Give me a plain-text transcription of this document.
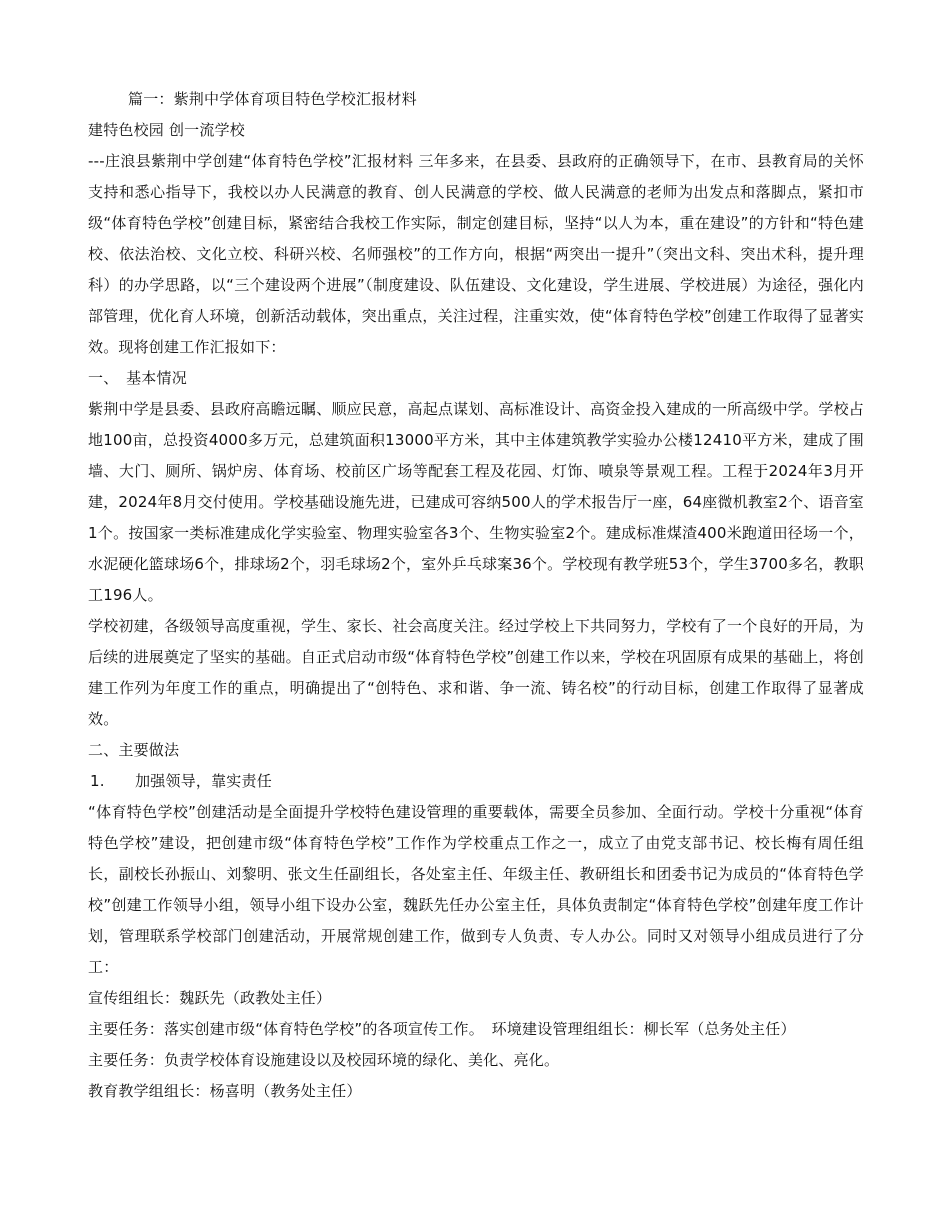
篇一：紫荆中学体育项目特色学校汇报材料

建特色校园 创一流学校

---庄浪县紫荆中学创建“体育特色学校”汇报材料 三年多来，在县委、县政府的正确领导下，在市、县教育局的关怀支持和悉心指导下，我校以办人民满意的教育、创人民满意的学校、做人民满意的老师为出发点和落脚点，紧扣市级“体育特色学校”创建目标，紧密结合我校工作实际，制定创建目标，坚持“以人为本，重在建设”的方针和“特色建校、依法治校、文化立校、科研兴校、名师强校”的工作方向，根据“两突出一提升”（突出文科、突出术科，提升理科）的办学思路，以“三个建设两个进展”（制度建设、队伍建设、文化建设，学生进展、学校进展）为途径，强化内部管理，优化育人环境，创新活动载体，突出重点，关注过程，注重实效，使“体育特色学校”创建工作取得了显著实效。现将创建工作汇报如下：

一、　基本情况

紫荆中学是县委、县政府高瞻远瞩、顺应民意，高起点谋划、高标准设计、高资金投入建成的一所高级中学。学校占地100亩，总投资4000多万元，总建筑面积13000平方米，其中主体建筑教学实验办公楼12410平方米，建成了围墙、大门、厕所、锅炉房、体育场、校前区广场等配套工程及花园、灯饰、喷泉等景观工程。工程于2024年3月开建，2024年8月交付使用。学校基础设施先进，已建成可容纳500人的学术报告厅一座，64座微机教室2个、语音室1个。按国家一类标准建成化学实验室、物理实验室各3个、生物实验室2个。建成标准煤渣400米跑道田径场一个，水泥硬化篮球场6个，排球场2个，羽毛球场2个，室外乒乓球案36个。学校现有教学班53个，学生3700多名，教职工196人。

学校初建，各级领导高度重视，学生、家长、社会高度关注。经过学校上下共同努力，学校有了一个良好的开局，为后续的进展奠定了坚实的基础。自正式启动市级“体育特色学校”创建工作以来，学校在巩固原有成果的基础上，将创建工作列为年度工作的重点，明确提出了“创特色、求和谐、争一流、铸名校”的行动目标，创建工作取得了显著成效。

二、主要做法

1.　　加强领导，靠实责任

“体育特色学校”创建活动是全面提升学校特色建设管理的重要载体，需要全员参加、全面行动。学校十分重视“体育特色学校”建设，把创建市级“体育特色学校”工作作为学校重点工作之一，成立了由党支部书记、校长梅有周任组长，副校长孙振山、刘黎明、张文生任副组长，各处室主任、年级主任、教研组长和团委书记为成员的“体育特色学校”创建工作领导小组，领导小组下设办公室，魏跃先任办公室主任，具体负责制定“体育特色学校”创建年度工作计划，管理联系学校部门创建活动，开展常规创建工作，做到专人负责、专人办公。同时又对领导小组成员进行了分工：

宣传组组长：魏跃先（政教处主任）

主要任务：落实创建市级“体育特色学校”的各项宣传工作。　环境建设管理组组长：柳长军（总务处主任）

主要任务：负责学校体育设施建设以及校园环境的绿化、美化、亮化。

教育教学组组长：杨喜明（教务处主任）
